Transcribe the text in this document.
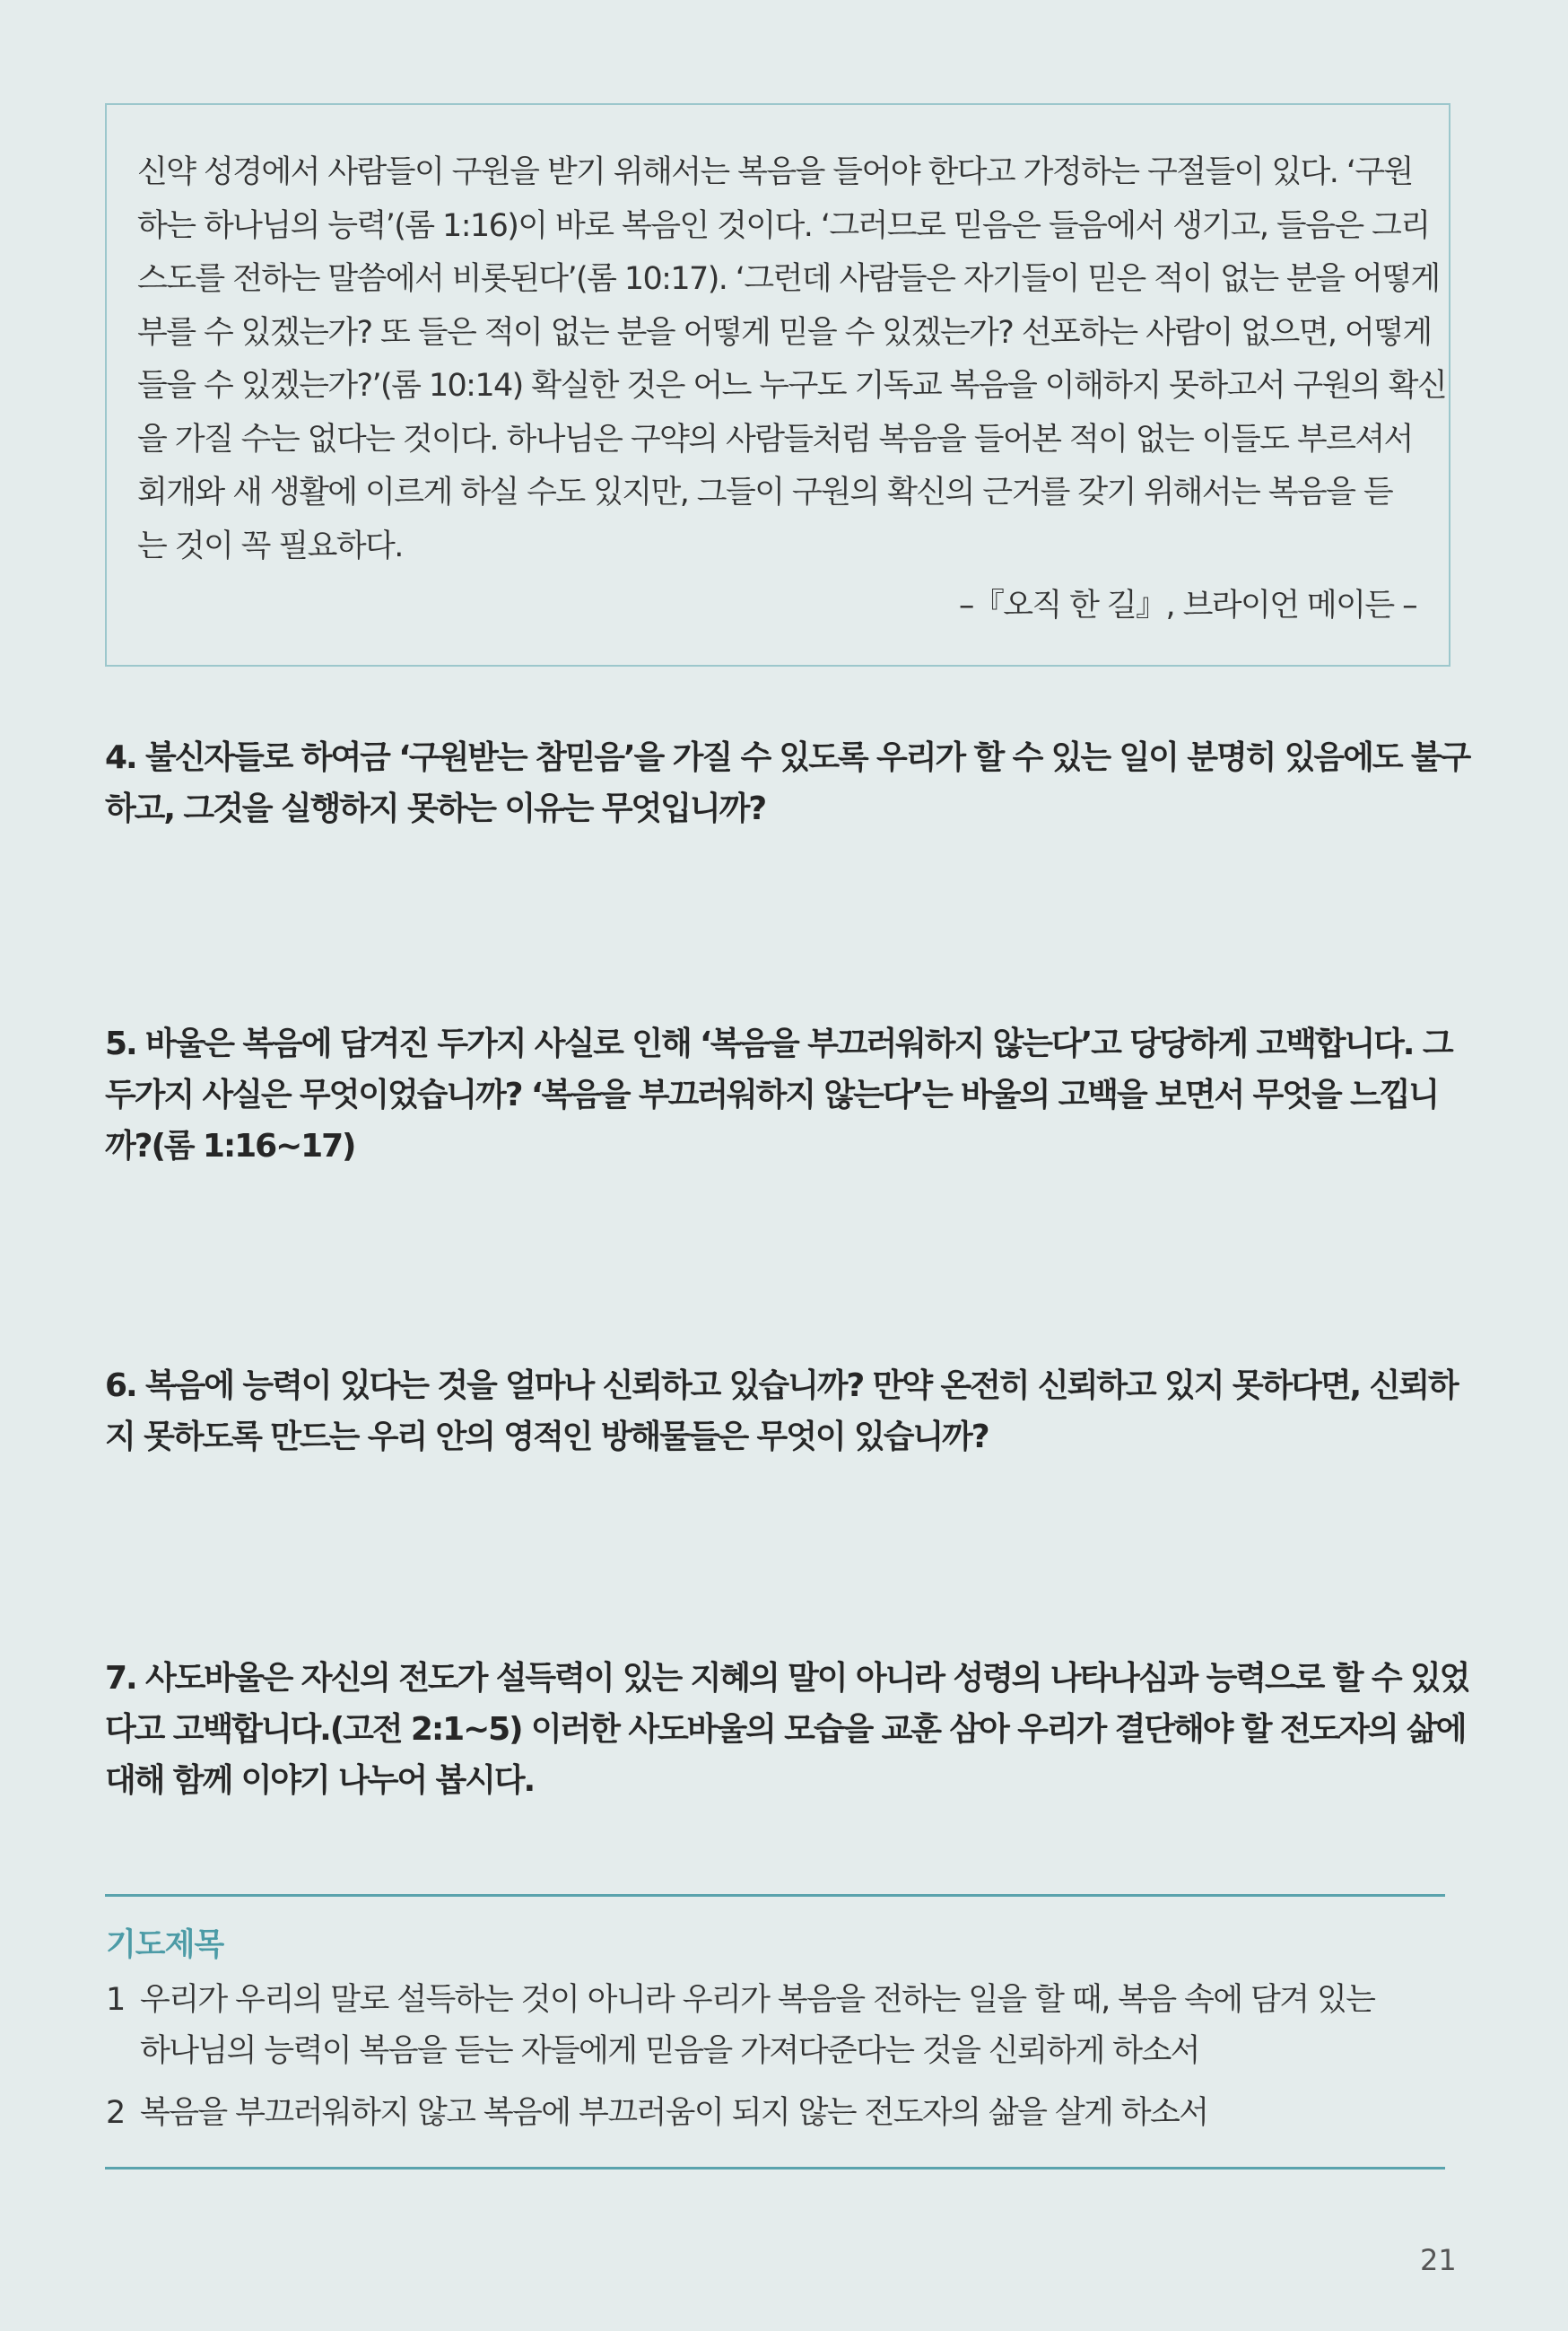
신약 성경에서 사람들이 구원을 받기 위해서는 복음을 들어야 한다고 가정하는 구절들이 있다. ‘구원
하는 하나님의 능력’(롬 1:16)이 바로 복음인 것이다. ‘그러므로 믿음은 들음에서 생기고, 들음은 그리
스도를 전하는 말씀에서 비롯된다’(롬 10:17). ‘그런데 사람들은 자기들이 믿은 적이 없는 분을 어떻게
부를 수 있겠는가? 또 들은 적이 없는 분을 어떻게 믿을 수 있겠는가? 선포하는 사람이 없으면, 어떻게
들을 수 있겠는가?’(롬 10:14) 확실한 것은 어느 누구도 기독교 복음을 이해하지 못하고서 구원의 확신
을 가질 수는 없다는 것이다. 하나님은 구약의 사람들처럼 복음을 들어본 적이 없는 이들도 부르셔서
회개와 새 생활에 이르게 하실 수도 있지만, 그들이 구원의 확신의 근거를 갖기 위해서는 복음을 듣
는 것이 꼭 필요하다.
–『오직 한 길』, 브라이언 메이든 –
4. 불신자들로 하여금 ‘구원받는 참믿음’을 가질 수 있도록 우리가 할 수 있는 일이 분명히 있음에도 불구
하고, 그것을 실행하지 못하는 이유는 무엇입니까?
5. 바울은 복음에 담겨진 두가지 사실로 인해 ‘복음을 부끄러워하지 않는다’고 당당하게 고백합니다. 그
두가지 사실은 무엇이었습니까? ‘복음을 부끄러워하지 않는다’는 바울의 고백을 보면서 무엇을 느낍니
까?(롬 1:16~17)
6. 복음에 능력이 있다는 것을 얼마나 신뢰하고 있습니까? 만약 온전히 신뢰하고 있지 못하다면, 신뢰하
지 못하도록 만드는 우리 안의 영적인 방해물들은 무엇이 있습니까?
7. 사도바울은 자신의 전도가 설득력이 있는 지혜의 말이 아니라 성령의 나타나심과 능력으로 할 수 있었
다고 고백합니다.(고전 2:1~5) 이러한 사도바울의 모습을 교훈 삼아 우리가 결단해야 할 전도자의 삶에
대해 함께 이야기 나누어 봅시다.
기도제목
1 우리가 우리의 말로 설득하는 것이 아니라 우리가 복음을 전하는 일을 할 때, 복음 속에 담겨 있는
하나님의 능력이 복음을 듣는 자들에게 믿음을 가져다준다는 것을 신뢰하게 하소서
2 복음을 부끄러워하지 않고 복음에 부끄러움이 되지 않는 전도자의 삶을 살게 하소서
21
